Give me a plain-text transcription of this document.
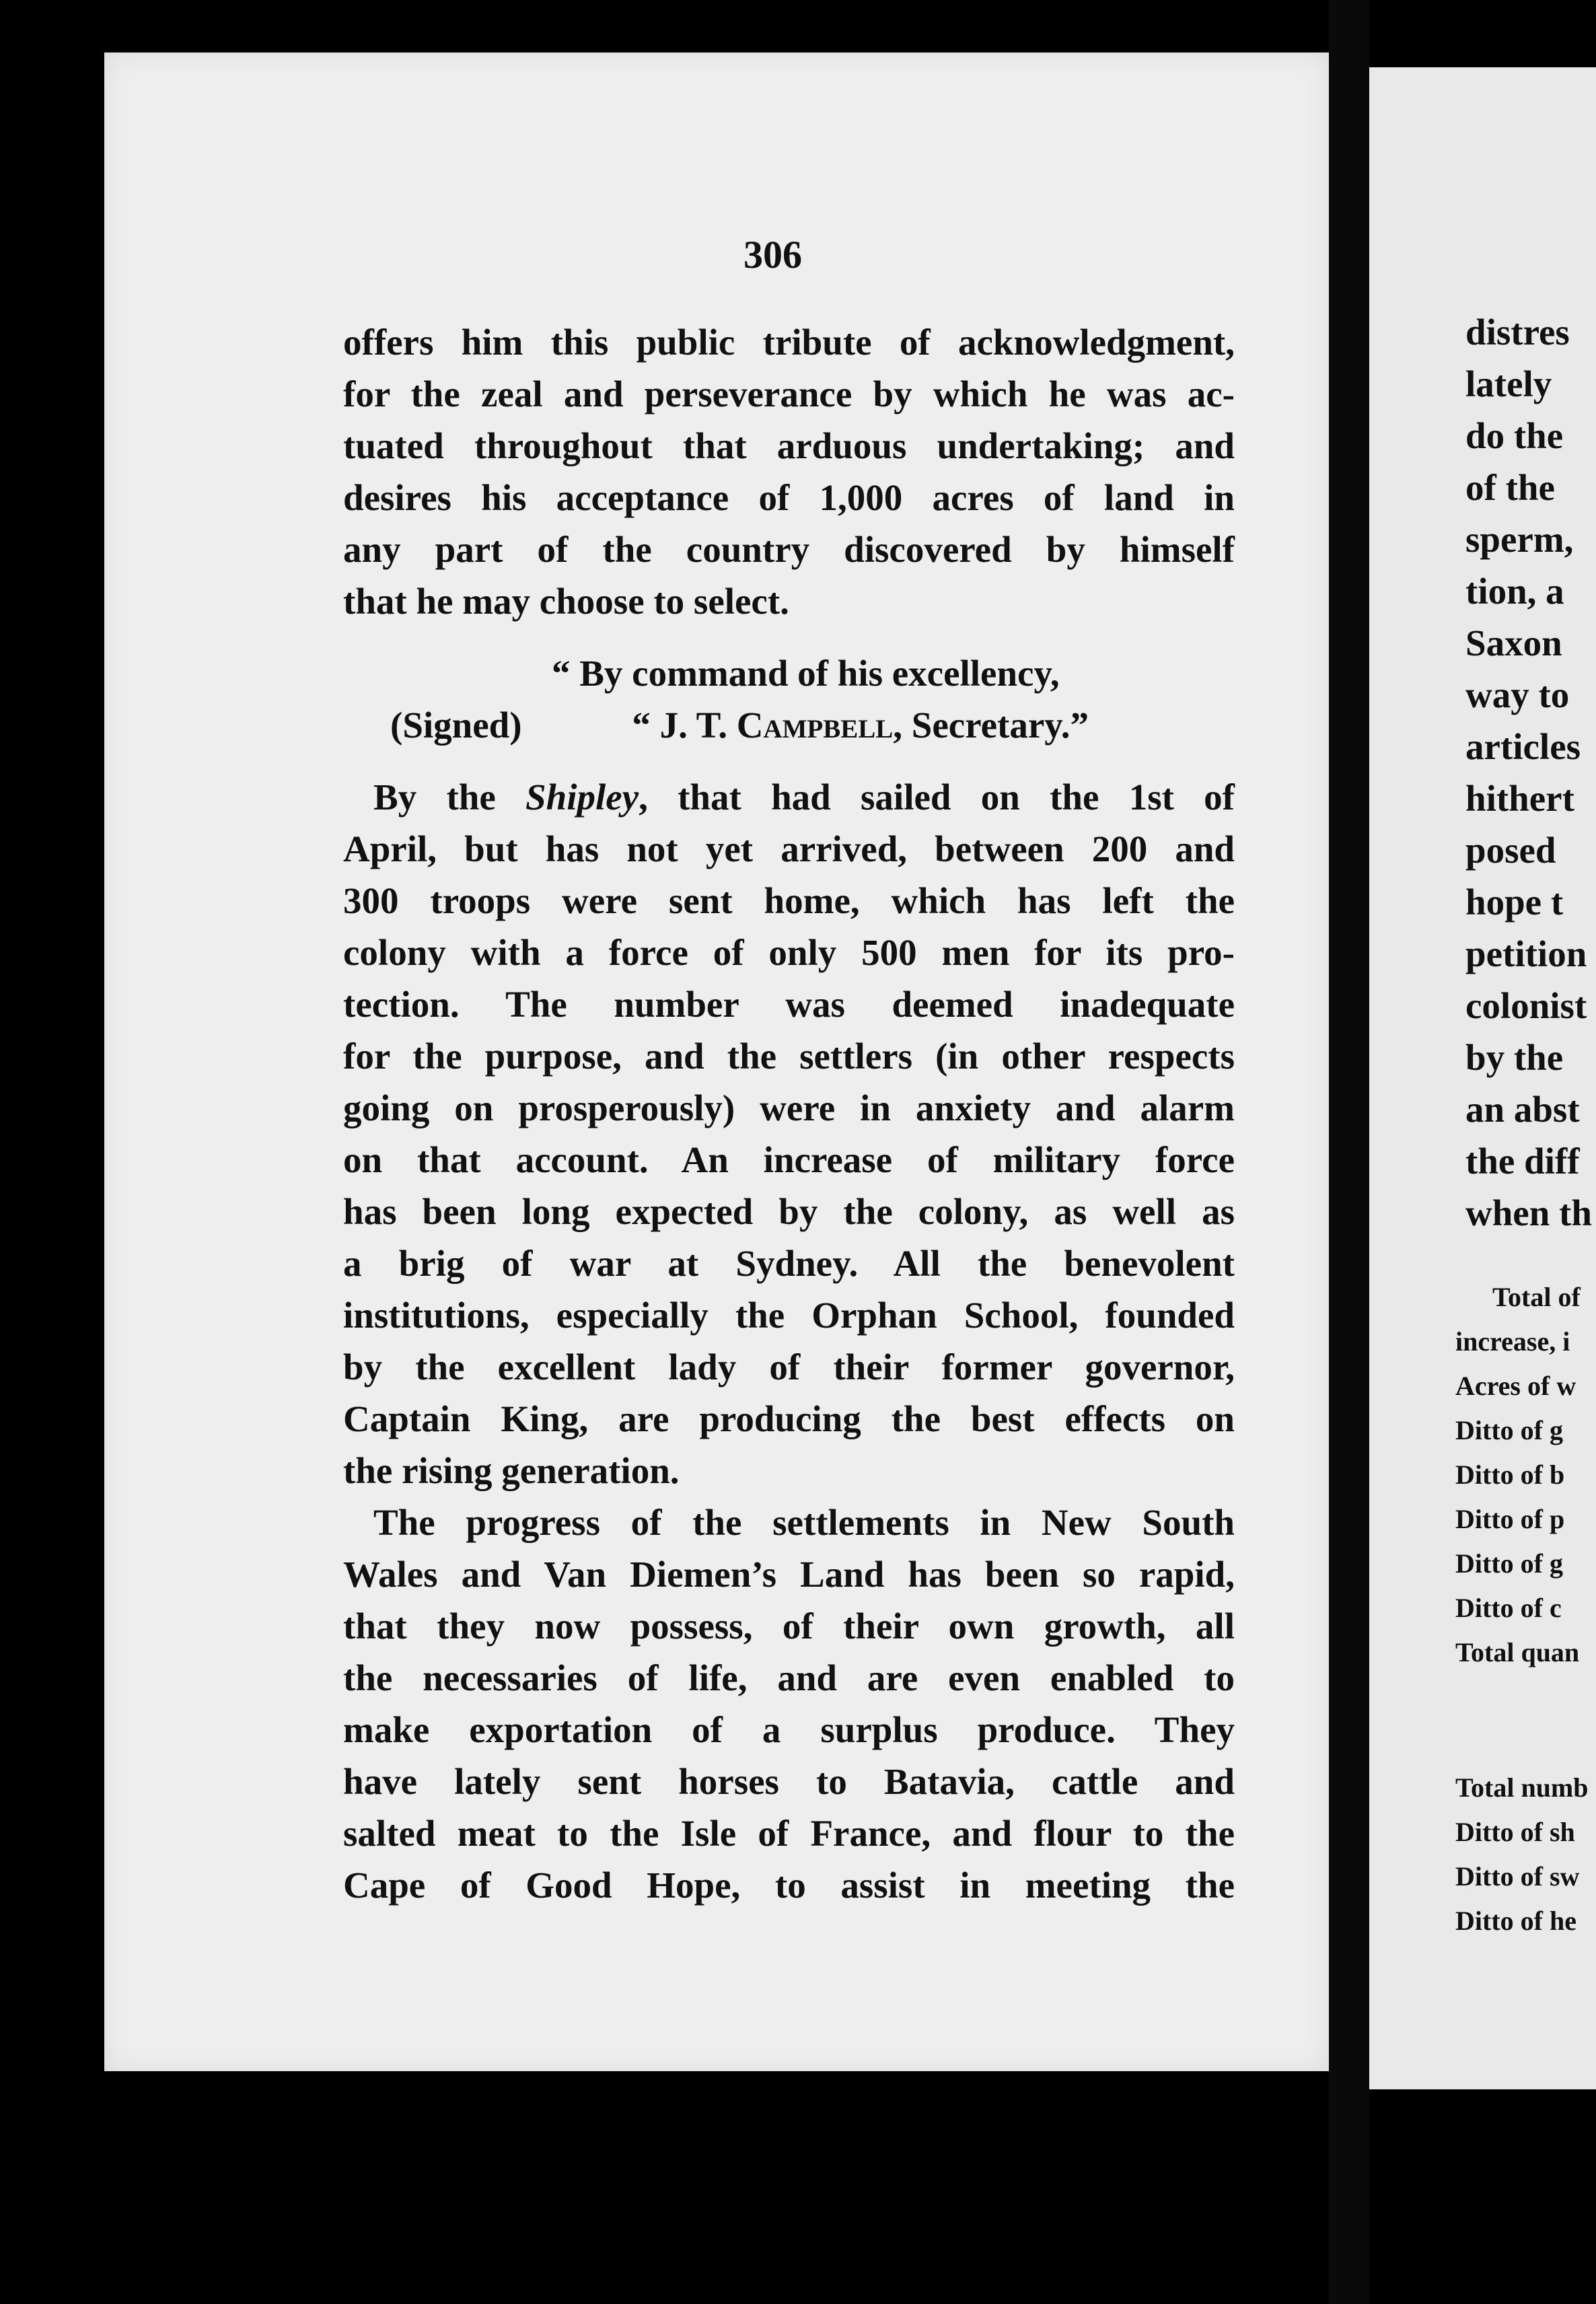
306
offers him this public tribute of acknowledgment,
for the zeal and perseverance by which he was ac-
tuated throughout that arduous undertaking; and
desires his acceptance of 1,000 acres of land in
any part of the country discovered by himself
that he may choose to select.
“ By command of his excellency,
(Signed)	“ J. T. Campbell, Secretary.”
By the Shipley, that had sailed on the 1st of
April, but has not yet arrived, between 200 and
300 troops were sent home, which has left the
colony with a force of only 500 men for its pro-
tection. The number was deemed inadequate
for the purpose, and the settlers (in other respects
going on prosperously) were in anxiety and alarm
on that account. An increase of military force
has been long expected by the colony, as well as
a brig of war at Sydney. All the benevolent
institutions, especially the Orphan School, founded
by the excellent lady of their former governor,
Captain King, are producing the best effects on
the rising generation.
The progress of the settlements in New South
Wales and Van Diemen’s Land has been so rapid,
that they now possess, of their own growth, all
the necessaries of life, and are even enabled to
make exportation of a surplus produce. They
have lately sent horses to Batavia, cattle and
salted meat to the Isle of France, and flour to the
Cape of Good Hope, to assist in meeting the
distres
lately
do the
of the
sperm,
tion, a
Saxon
way to
articles
hithert
posed
hope t
petition
colonist
by the
an abst
the diff
when th
Total of
increase, i
Acres of w
Ditto of g
Ditto of b
Ditto of p
Ditto of g
Ditto of c
Total quan
Total numb
Ditto of sh
Ditto of sw
Ditto of he
